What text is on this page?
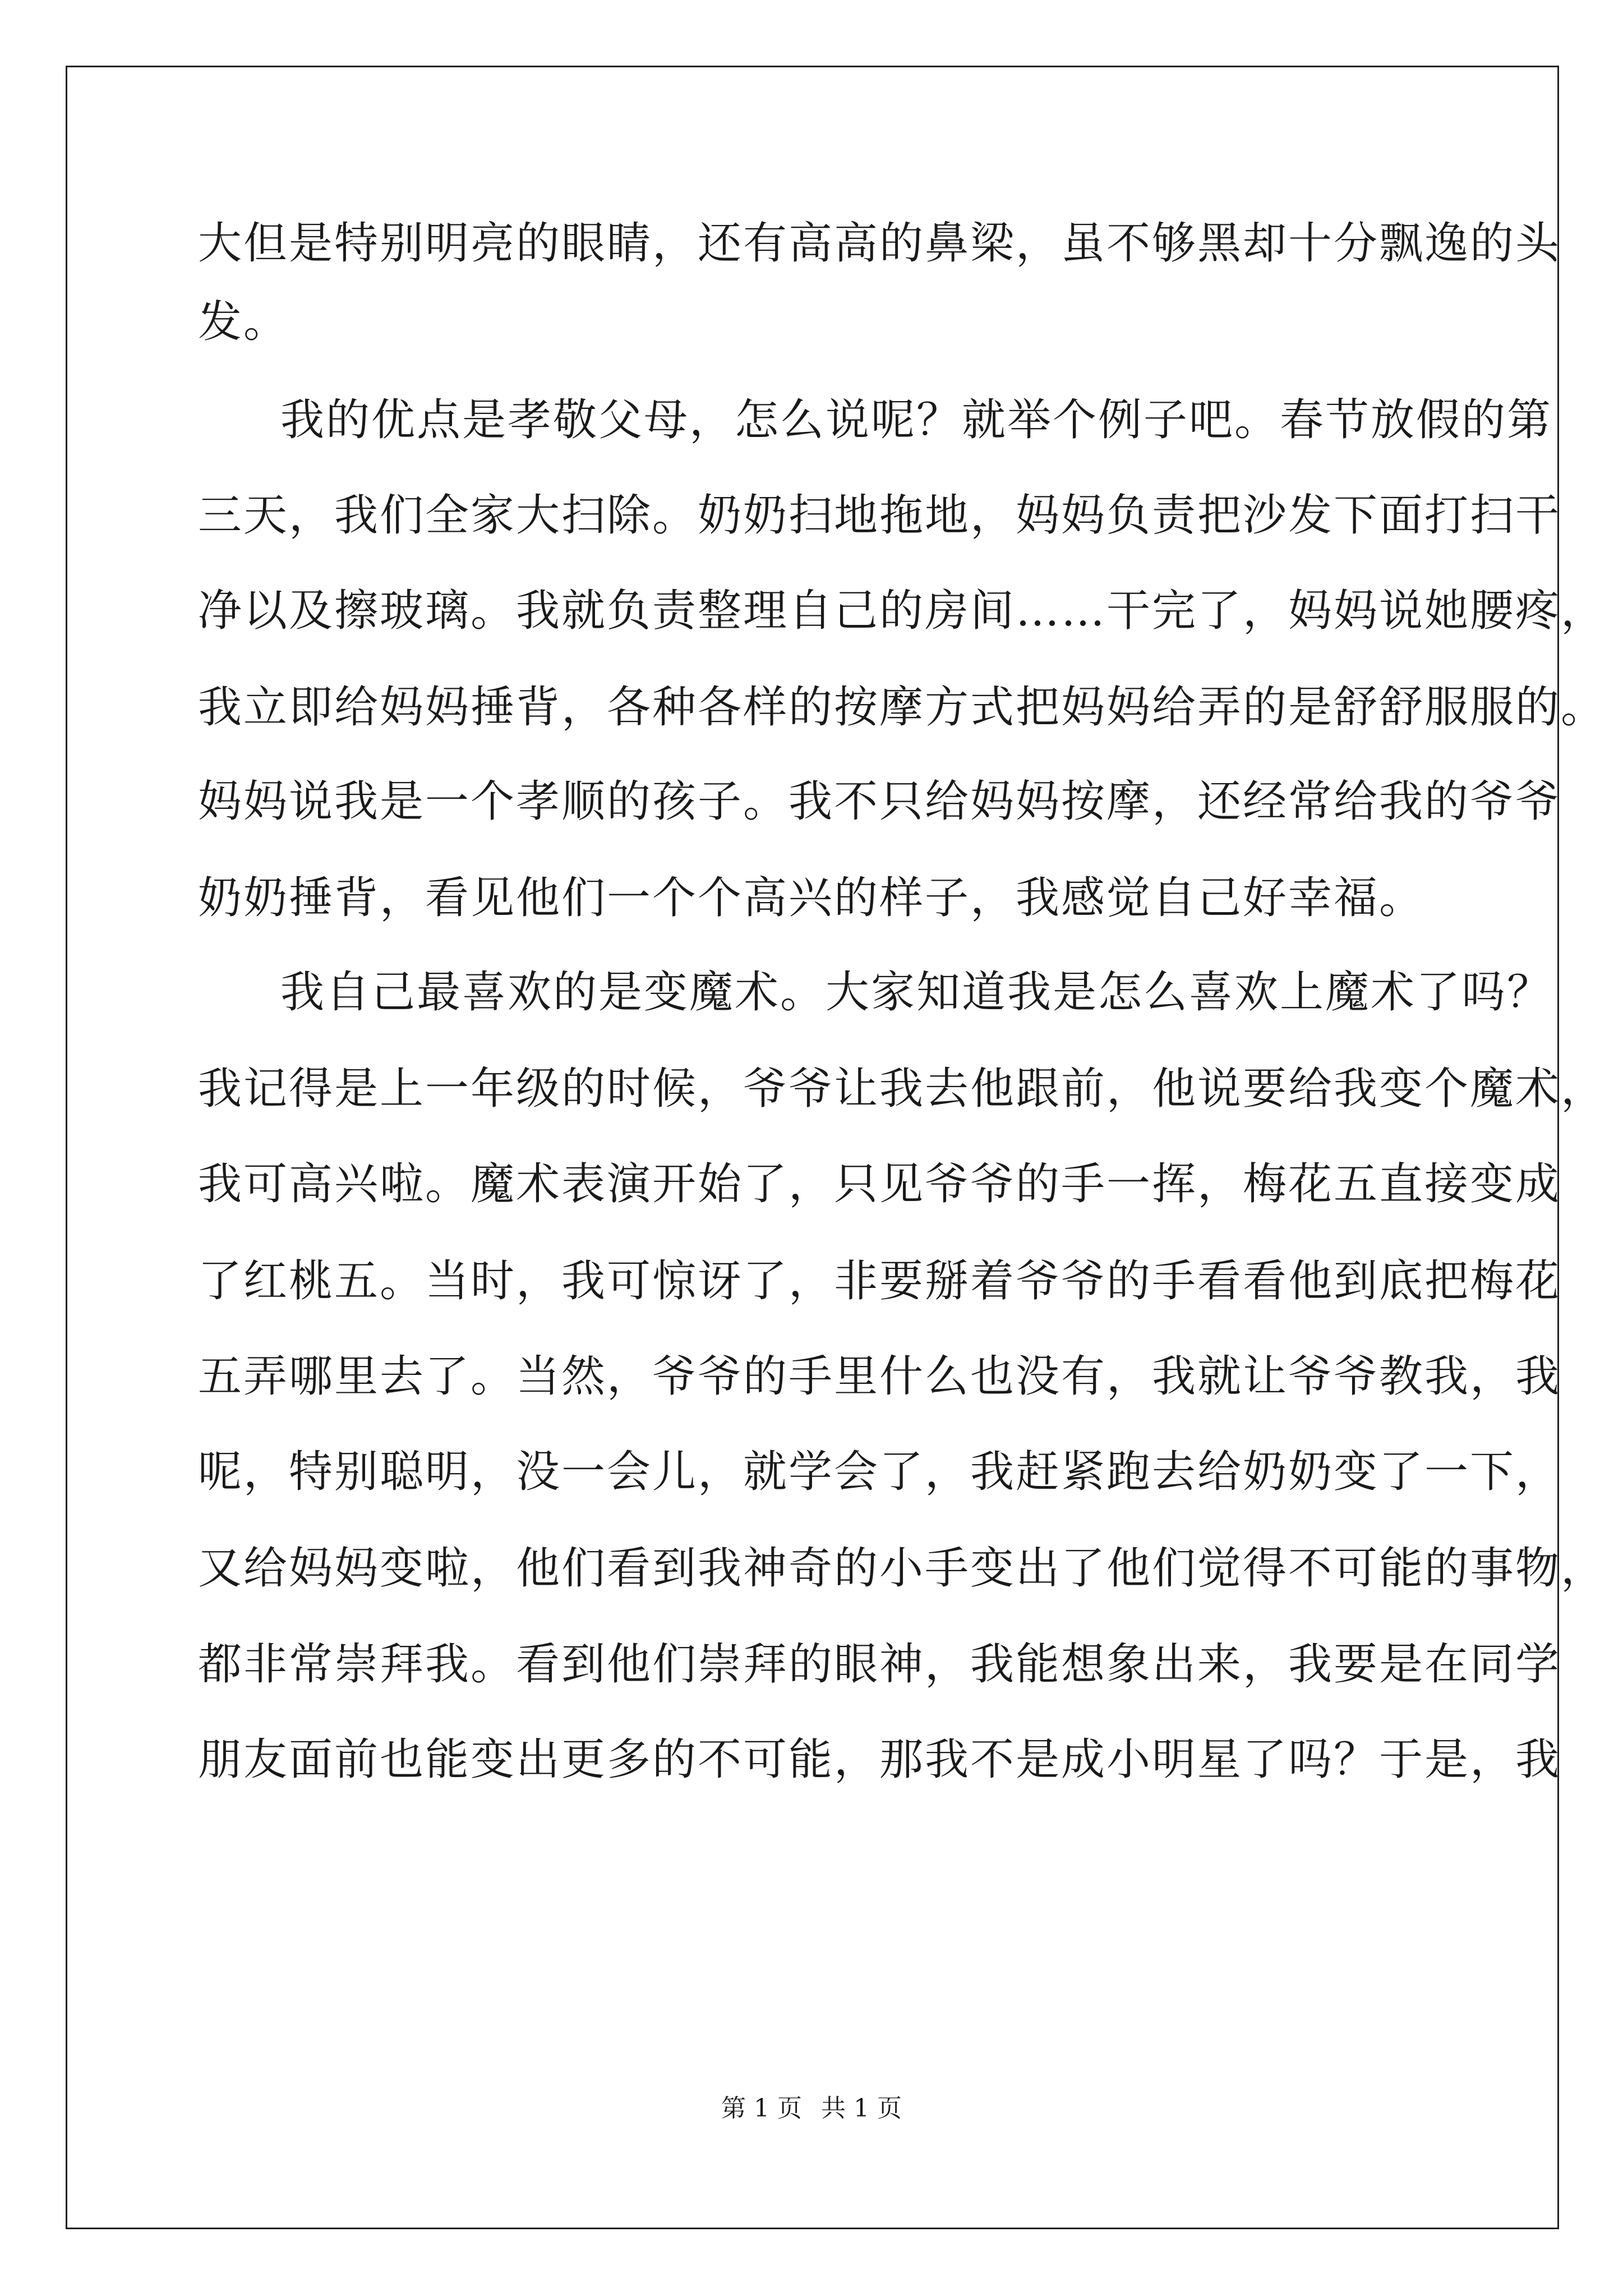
大但是特别明亮的眼睛，还有高高的鼻梁，虽不够黑却十分飘逸的头

发。

我的优点是孝敬父母，怎么说呢？就举个例子吧。春节放假的第

三天，我们全家大扫除。奶奶扫地拖地，妈妈负责把沙发下面打扫干

净以及擦玻璃。我就负责整理自己的房间……干完了，妈妈说她腰疼，

我立即给妈妈捶背，各种各样的按摩方式把妈妈给弄的是舒舒服服的。

妈妈说我是一个孝顺的孩子。我不只给妈妈按摩，还经常给我的爷爷

奶奶捶背，看见他们一个个高兴的样子，我感觉自己好幸福。

我自己最喜欢的是变魔术。大家知道我是怎么喜欢上魔术了吗？

我记得是上一年级的时候，爷爷让我去他跟前，他说要给我变个魔术，

我可高兴啦。魔术表演开始了，只见爷爷的手一挥，梅花五直接变成

了红桃五。当时，我可惊讶了，非要掰着爷爷的手看看他到底把梅花

五弄哪里去了。当然，爷爷的手里什么也没有，我就让爷爷教我，我

呢，特别聪明，没一会儿，就学会了，我赶紧跑去给奶奶变了一下，

又给妈妈变啦，他们看到我神奇的小手变出了他们觉得不可能的事物，

都非常崇拜我。看到他们崇拜的眼神，我能想象出来，我要是在同学

朋友面前也能变出更多的不可能，那我不是成小明星了吗？于是，我

第 1 页 共 1 页
